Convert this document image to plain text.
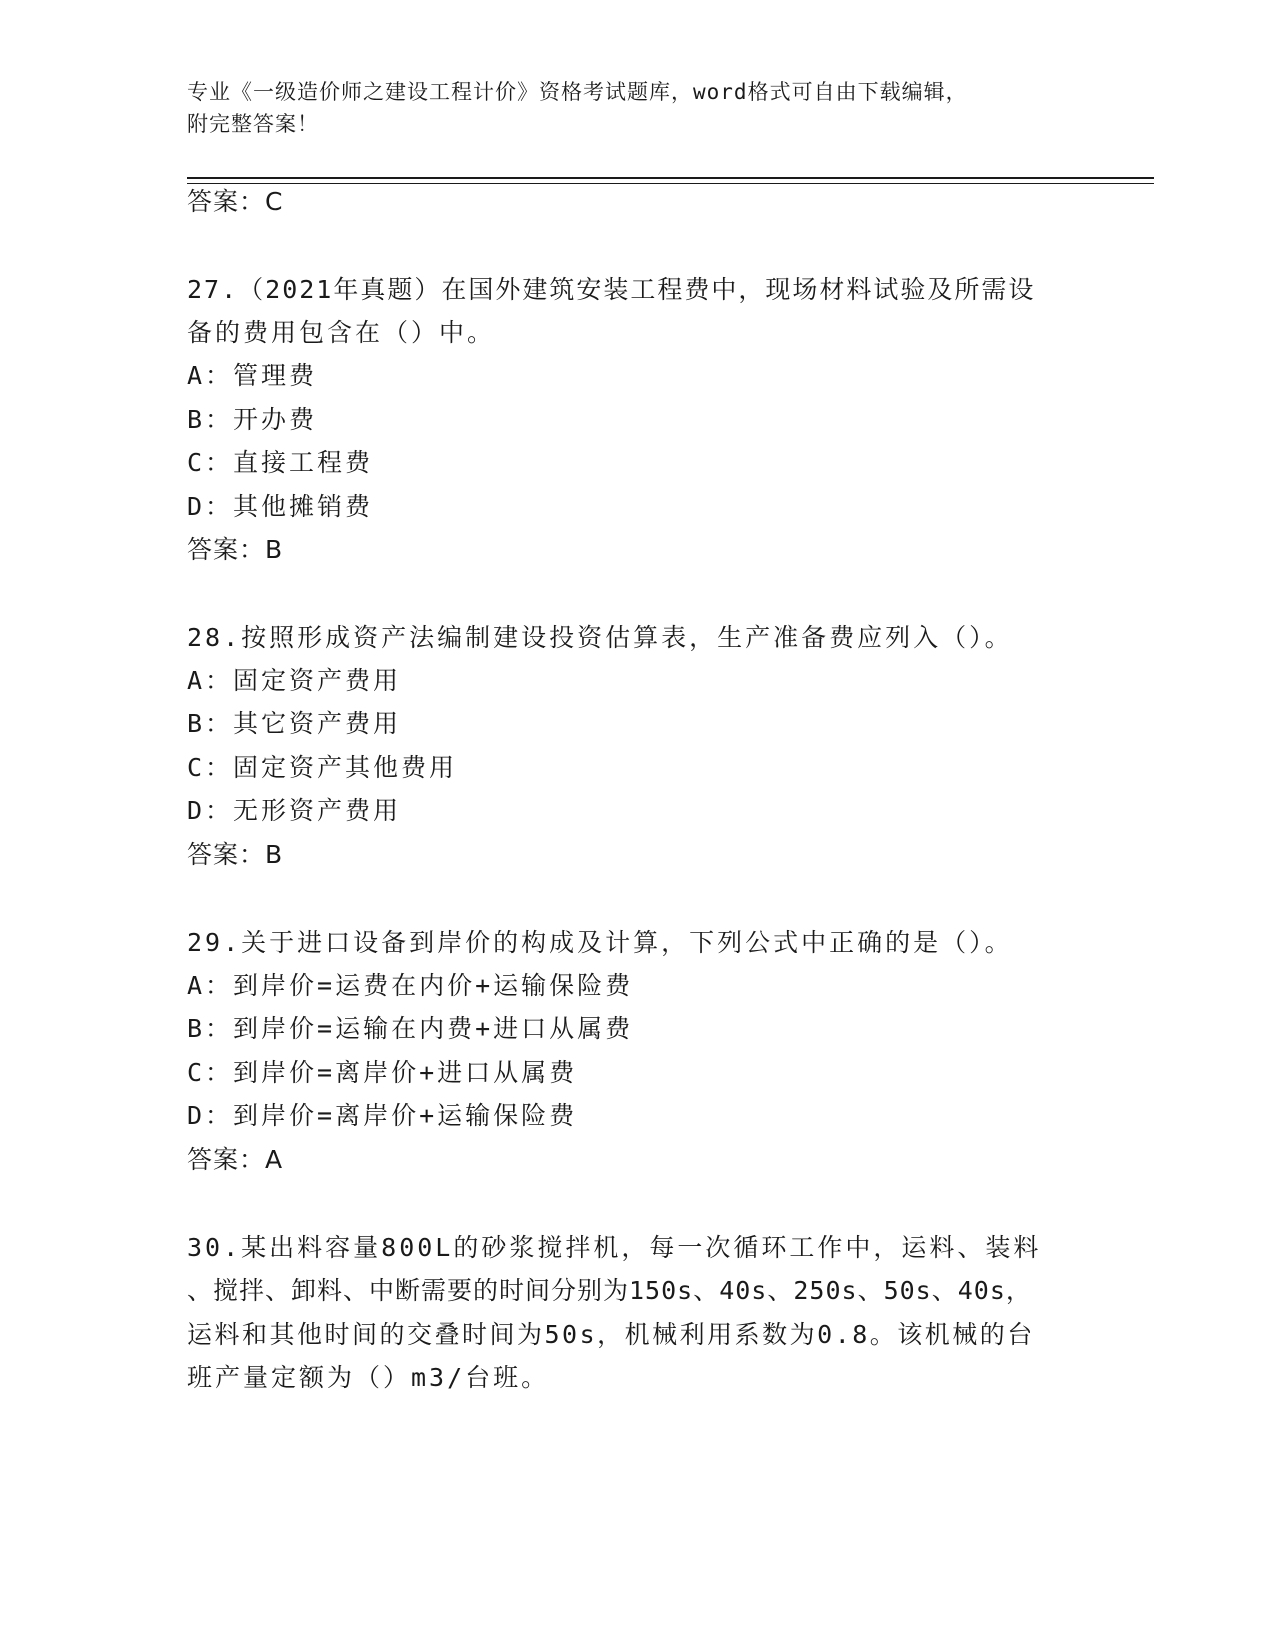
专业《一级造价师之建设工程计价》资格考试题库，word格式可自由下载编辑，
附完整答案！
答案：C
27.（2021年真题）在国外建筑安装工程费中，现场材料试验及所需设
备的费用包含在（）中。
A：管理费
B：开办费
C：直接工程费
D：其他摊销费
答案：B
28.按照形成资产法编制建设投资估算表，生产准备费应列入（）。
A：固定资产费用
B：其它资产费用
C：固定资产其他费用
D：无形资产费用
答案：B
29.关于进口设备到岸价的构成及计算，下列公式中正确的是（）。
A：到岸价=运费在内价+运输保险费
B：到岸价=运输在内费+进口从属费
C：到岸价=离岸价+进口从属费
D：到岸价=离岸价+运输保险费
答案：A
30.某出料容量800L的砂浆搅拌机，每一次循环工作中，运料、装料
、搅拌、卸料、中断需要的时间分别为150s、40s、250s、50s、40s，
运料和其他时间的交叠时间为50s，机械利用系数为0.8。该机械的台
班产量定额为（）m3/台班。
